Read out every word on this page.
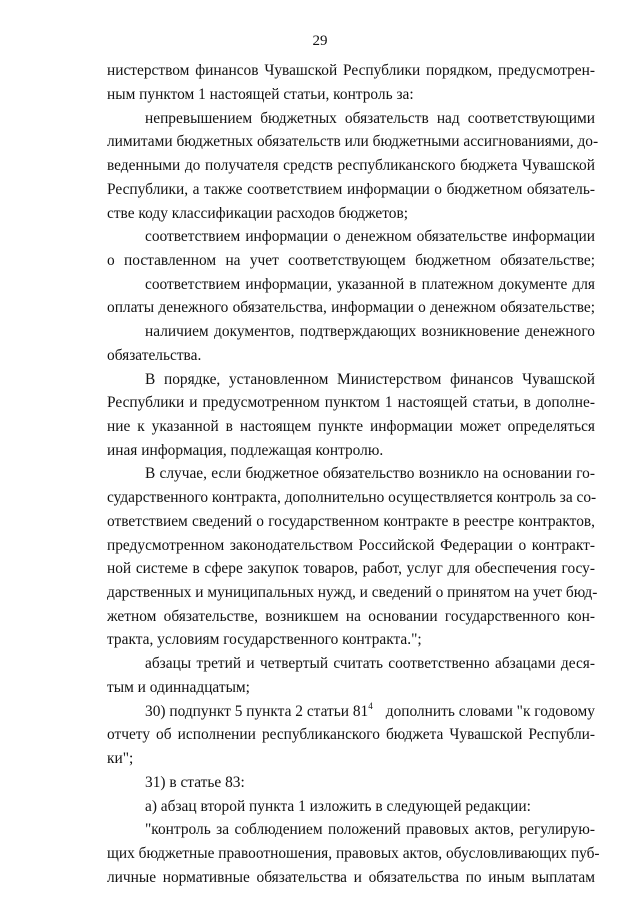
29
нистерством финансов Чувашской Республики порядком, предусмотрен-
ным пунктом 1 настоящей статьи, контроль за:
непревышением бюджетных обязательств над соответствующими
лимитами бюджетных обязательств или бюджетными ассигнованиями, до-
веденными до получателя средств республиканского бюджета Чувашской
Республики, а также соответствием информации о бюджетном обязатель-
стве коду классификации расходов бюджетов;
соответствием информации о денежном обязательстве информации
о поставленном на учет соответствующем бюджетном обязательстве;
соответствием информации, указанной в платежном документе для
оплаты денежного обязательства, информации о денежном обязательстве;
наличием документов, подтверждающих возникновение денежного
обязательства.
В порядке, установленном Министерством финансов Чувашской
Республики и предусмотренном пунктом 1 настоящей статьи, в дополне-
ние к указанной в настоящем пункте информации может определяться
иная информация, подлежащая контролю.
В случае, если бюджетное обязательство возникло на основании го-
сударственного контракта, дополнительно осуществляется контроль за со-
ответствием сведений о государственном контракте в реестре контрактов,
предусмотренном законодательством Российской Федерации о контракт-
ной системе в сфере закупок товаров, работ, услуг для обеспечения госу-
дарственных и муниципальных нужд, и сведений о принятом на учет бюд-
жетном обязательстве, возникшем на основании государственного кон-
тракта, условиям государственного контракта.";
абзацы третий и четвертый считать соответственно абзацами деся-
тым и одиннадцатым;
30) подпункт 5 пункта 2 статьи $81^4$ дополнить словами "к годовому
отчету об исполнении республиканского бюджета Чувашской Республи-
ки";
31) в статье 83:
а) абзац второй пункта 1 изложить в следующей редакции:
"контроль за соблюдением положений правовых актов, регулирую-
щих бюджетные правоотношения, правовых актов, обусловливающих пуб-
личные нормативные обязательства и обязательства по иным выплатам
